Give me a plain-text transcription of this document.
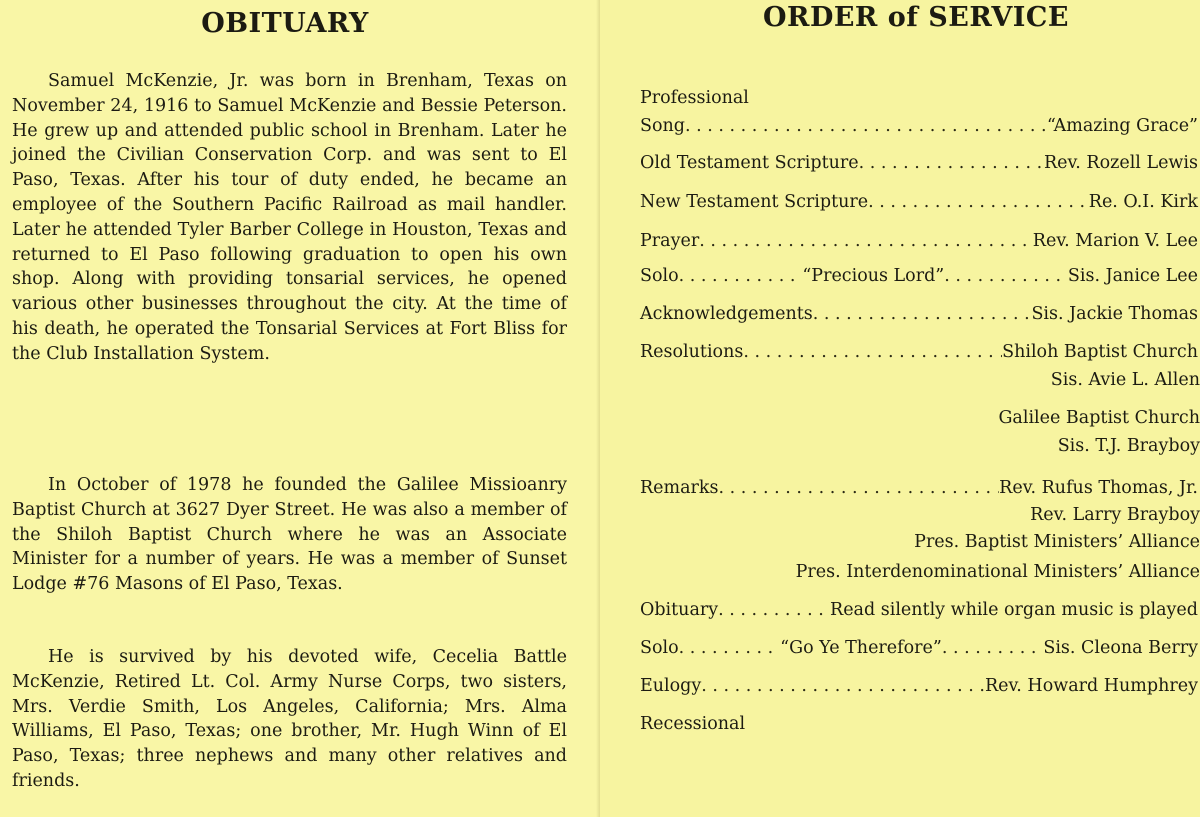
OBITUARY

Samuel McKenzie, Jr. was born in Brenham, Texas on November 24, 1916 to Samuel McKenzie and Bessie Peterson. He grew up and attended public school in Brenham. Later he joined the Civilian Conservation Corp. and was sent to El Paso, Texas. After his tour of duty ended, he became an employee of the Southern Pacific Railroad as mail handler. Later he attended Tyler Barber College in Houston, Texas and returned to El Paso following graduation to open his own shop. Along with providing tonsarial services, he opened various other businesses throughout the city. At the time of his death, he operated the Tonsarial Services at Fort Bliss for the Club Installation System.

In October of 1978 he founded the Galilee Missioanry Baptist Church at 3627 Dyer Street. He was also a member of the Shiloh Baptist Church where he was an Associate Minister for a number of years. He was a member of Sunset Lodge #76 Masons of El Paso, Texas.

He is survived by his devoted wife, Cecelia Battle McKenzie, Retired Lt. Col. Army Nurse Corps, two sisters, Mrs. Verdie Smith, Los Angeles, California; Mrs. Alma Williams, El Paso, Texas; one brother, Mr. Hugh Winn of El Paso, Texas; three nephews and many other relatives and friends.

ORDER of SERVICE
Professional
Song . . .	“Amazing Grace”
Old Testament Scripture . . .	Rev. Rozell Lewis
New Testament Scripture . . .	Re. O.I. Kirk
Prayer . . .	Rev. Marion V. Lee
Solo . . .	“Precious Lord” . . .	Sis. Janice Lee
Acknowledgements . . .	Sis. Jackie Thomas
Resolutions . . .	Shiloh Baptist Church
Sis. Avie L. Allen
Galilee Baptist Church
Sis. T.J. Brayboy
Remarks . . .	Rev. Rufus Thomas, Jr.
Rev. Larry Brayboy
Pres. Baptist Ministers’ Alliance
Pres. Interdenominational Ministers’ Alliance
Obituary . . .	Read silently while organ music is played
Solo . . .	“Go Ye Therefore” . . .	Sis. Cleona Berry
Eulogy . . .	Rev. Howard Humphrey
Recessional
